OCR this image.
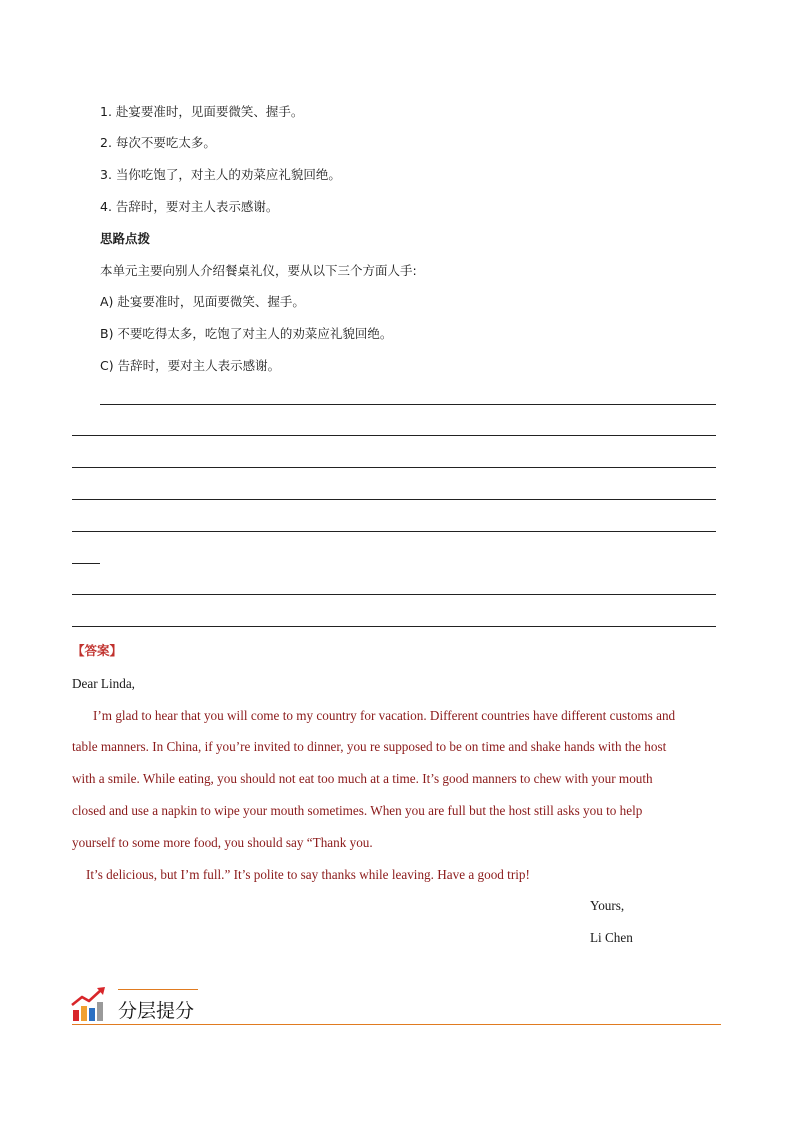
1. 赴宴要准时，见面要微笑、握手。
2. 每次不要吃太多。
3. 当你吃饱了，对主人的劝菜应礼貌回绝。
4. 告辞时，要对主人表示感谢。
思路点拨
本单元主要向别人介绍餐桌礼仪，要从以下三个方面人手:
A) 赴宴要准时，见面要微笑、握手。
B) 不要吃得太多，吃饱了对主人的劝菜应礼貌回绝。
C) 告辞时，要对主人表示感谢。
【答案】
Dear Linda,
I’m glad to hear that you will come to my country for vacation. Different countries have different customs and
table manners. In China, if you’re invited to dinner, you re supposed to be on time and shake hands with the host
with a smile. While eating, you should not eat too much at a time. It’s good manners to chew with your mouth
closed and use a napkin to wipe your mouth sometimes. When you are full but the host still asks you to help
yourself to some more food, you should say “Thank you.
It’s delicious, but I’m full.” It’s polite to say thanks while leaving. Have a good trip!
Yours,
Li Chen
分层提分
